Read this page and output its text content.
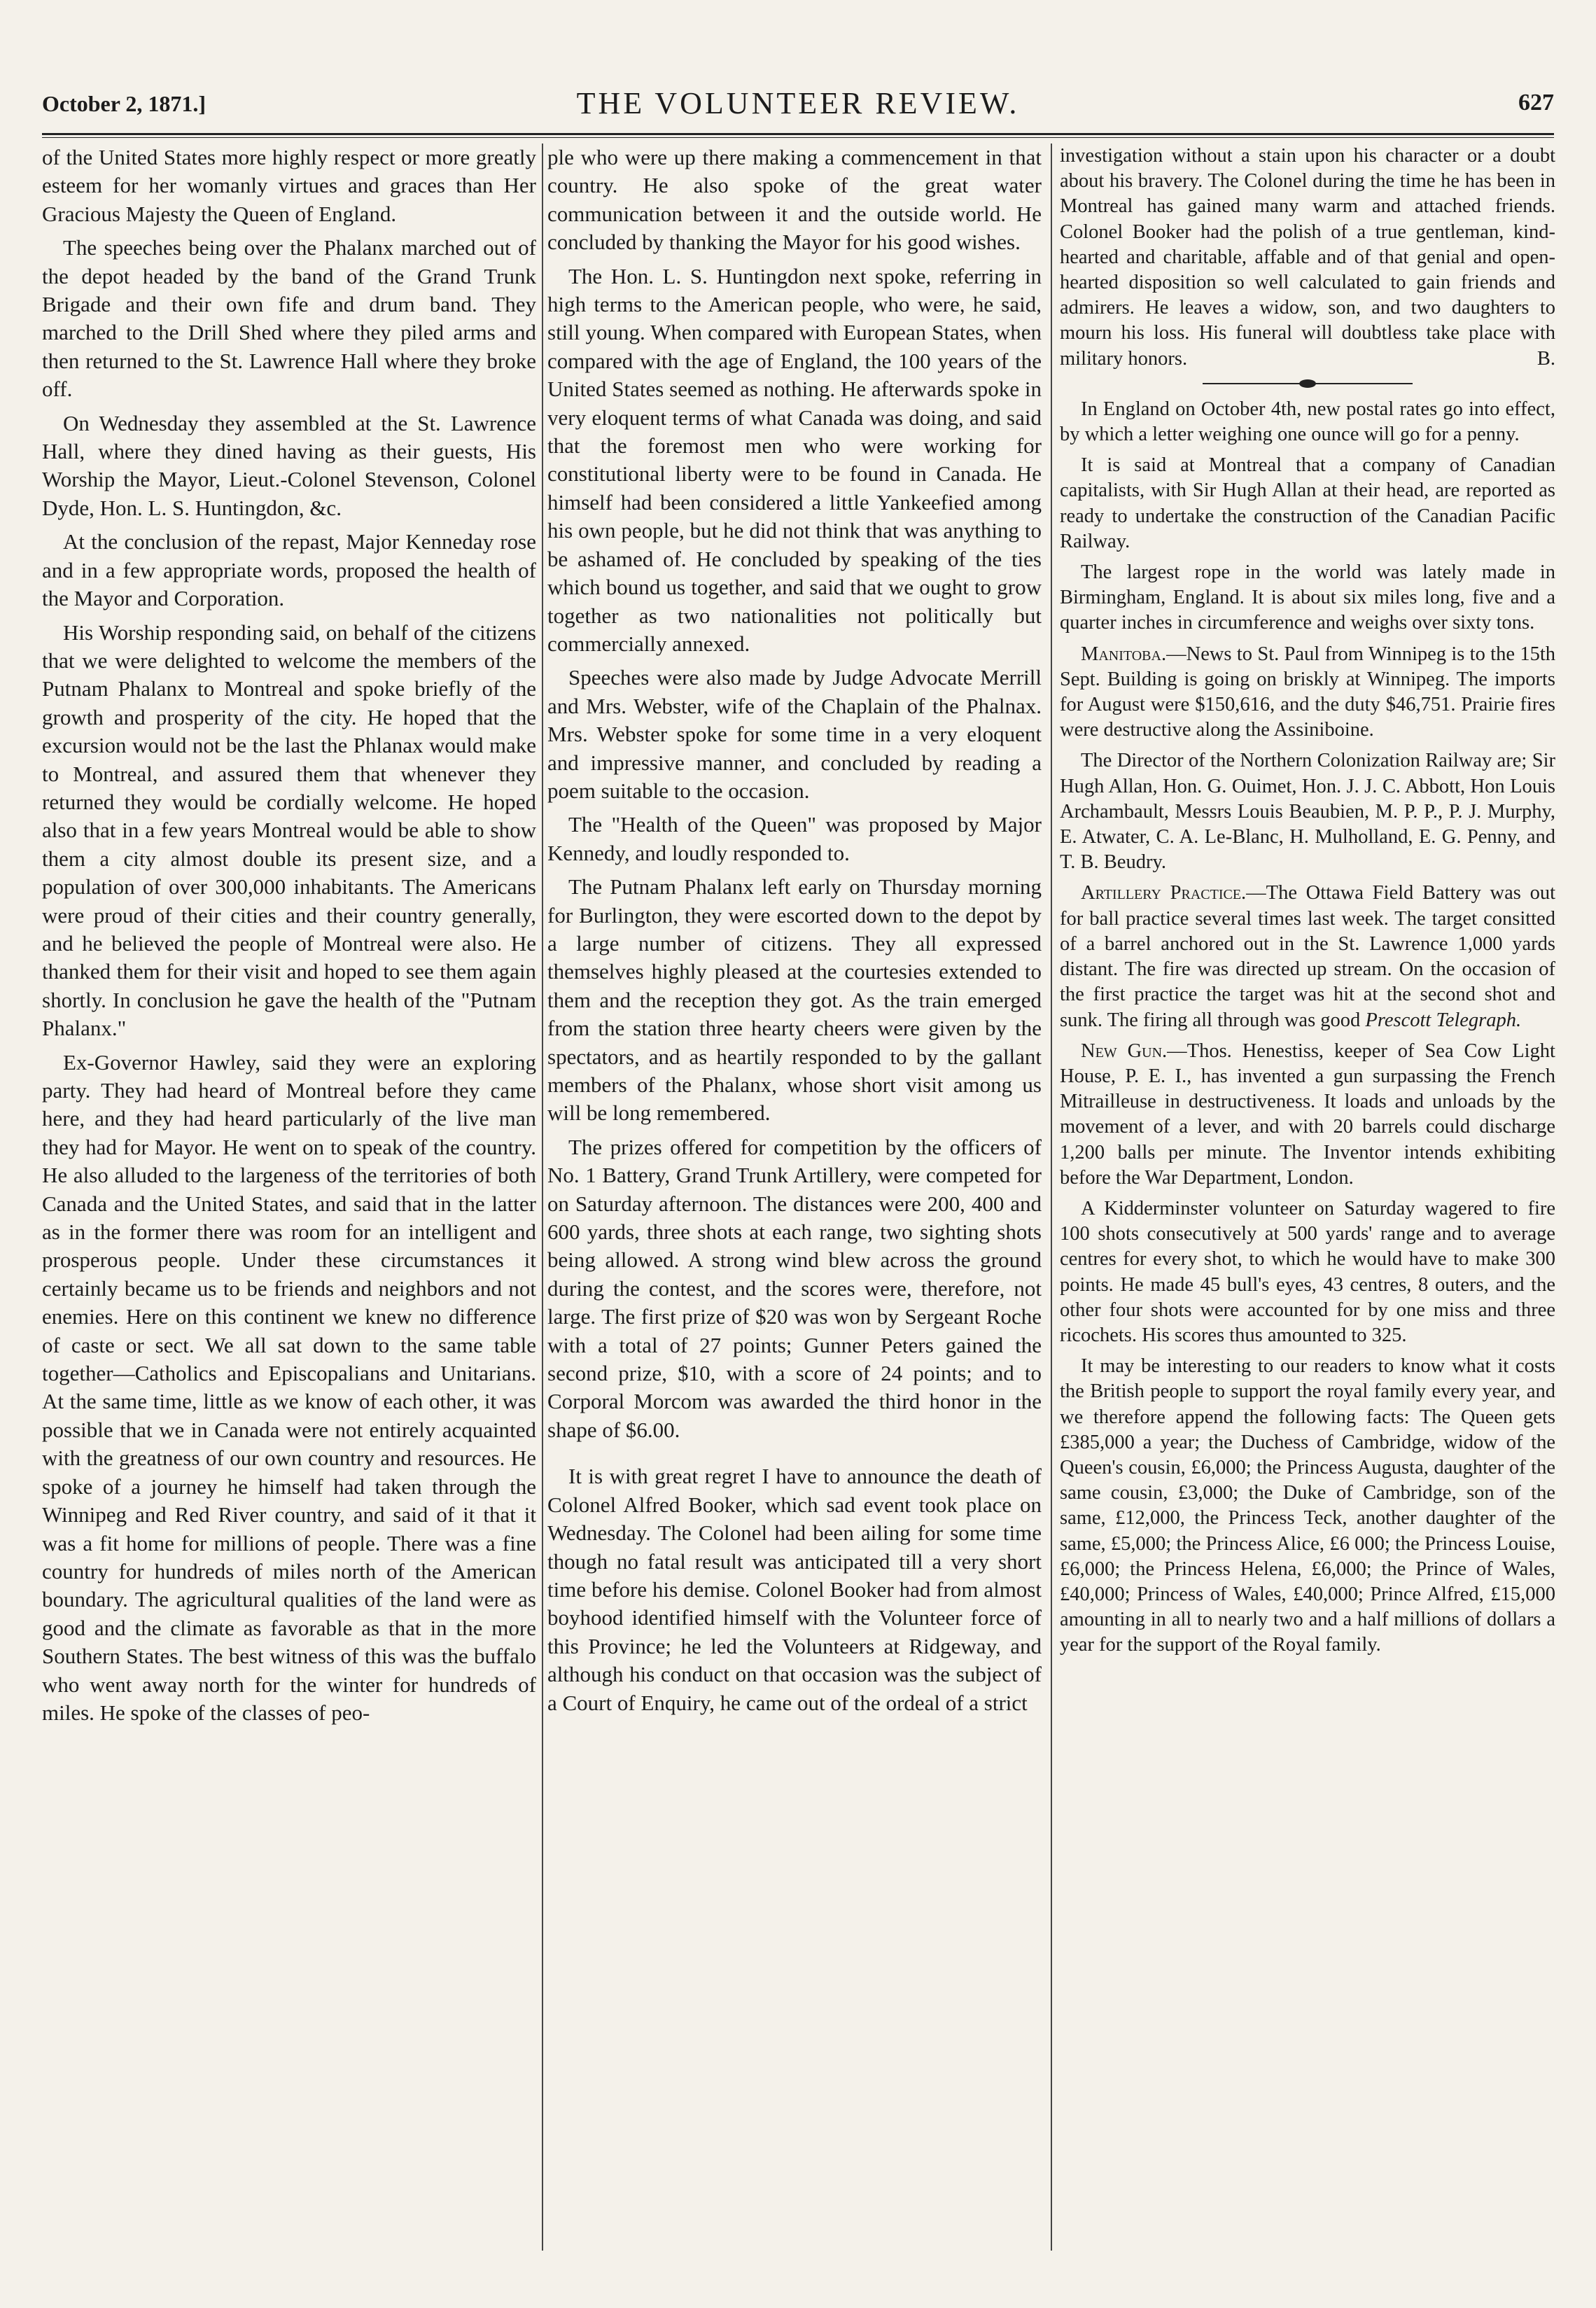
October 2, 1871.]	THE VOLUNTEER REVIEW.	627

of the United States more highly respect or more greatly esteem for her womanly virtues and graces than Her Gracious Majesty the Queen of England.

The speeches being over the Phalanx marched out of the depot headed by the band of the Grand Trunk Brigade and their own fife and drum band. They marched to the Drill Shed where they piled arms and then returned to the St. Lawrence Hall where they broke off.

On Wednesday they assembled at the St. Lawrence Hall, where they dined having as their guests, His Worship the Mayor, Lieut.-Colonel Stevenson, Colonel Dyde, Hon. L. S. Huntingdon, &c.

At the conclusion of the repast, Major Kenneday rose and in a few appropriate words, proposed the health of the Mayor and Corporation.

His Worship responding said, on behalf of the citizens that we were delighted to welcome the members of the Putnam Phalanx to Montreal and spoke briefly of the growth and prosperity of the city. He hoped that the excursion would not be the last the Phlanax would make to Montreal, and assured them that whenever they returned they would be cordially welcome. He hoped also that in a few years Montreal would be able to show them a city almost double its present size, and a population of over 300,000 inhabitants. The Americans were proud of their cities and their country generally, and he believed the people of Montreal were also. He thanked them for their visit and hoped to see them again shortly. In conclusion he gave the health of the "Putnam Phalanx."

Ex-Governor Hawley, said they were an exploring party. They had heard of Montreal before they came here, and they had heard particularly of the live man they had for Mayor. He went on to speak of the country. He also alluded to the largeness of the territories of both Canada and the United States, and said that in the latter as in the former there was room for an intelligent and prosperous people. Under these circumstances it certainly became us to be friends and neighbors and not enemies. Here on this continent we knew no difference of caste or sect. We all sat down to the same table together—Catholics and Episcopalians and Unitarians. At the same time, little as we know of each other, it was possible that we in Canada were not entirely acquainted with the greatness of our own country and resources. He spoke of a journey he himself had taken through the Winnipeg and Red River country, and said of it that it was a fit home for millions of people. There was a fine country for hundreds of miles north of the American boundary. The agricultural qualities of the land were as good and the climate as favorable as that in the more Southern States. The best witness of this was the buffalo who went away north for the winter for hundreds of miles. He spoke of the classes of peo-

ple who were up there making a commencement in that country. He also spoke of the great water communication between it and the outside world. He concluded by thanking the Mayor for his good wishes.

The Hon. L. S. Huntingdon next spoke, referring in high terms to the American people, who were, he said, still young. When compared with European States, when compared with the age of England, the 100 years of the United States seemed as nothing. He afterwards spoke in very eloquent terms of what Canada was doing, and said that the foremost men who were working for constitutional liberty were to be found in Canada. He himself had been considered a little Yankeefied among his own people, but he did not think that was anything to be ashamed of. He concluded by speaking of the ties which bound us together, and said that we ought to grow together as two nationalities not politically but commercially annexed.

Speeches were also made by Judge Advocate Merrill and Mrs. Webster, wife of the Chaplain of the Phalnax. Mrs. Webster spoke for some time in a very eloquent and impressive manner, and concluded by reading a poem suitable to the occasion.

The "Health of the Queen" was proposed by Major Kennedy, and loudly responded to.

The Putnam Phalanx left early on Thursday morning for Burlington, they were escorted down to the depot by a large number of citizens. They all expressed themselves highly pleased at the courtesies extended to them and the reception they got. As the train emerged from the station three hearty cheers were given by the spectators, and as heartily responded to by the gallant members of the Phalanx, whose short visit among us will be long remembered.

The prizes offered for competition by the officers of No. 1 Battery, Grand Trunk Artillery, were competed for on Saturday afternoon. The distances were 200, 400 and 600 yards, three shots at each range, two sighting shots being allowed. A strong wind blew across the ground during the contest, and the scores were, therefore, not large. The first prize of $20 was won by Sergeant Roche with a total of 27 points; Gunner Peters gained the second prize, $10, with a score of 24 points; and to Corporal Morcom was awarded the third honor in the shape of $6.00.

It is with great regret I have to announce the death of Colonel Alfred Booker, which sad event took place on Wednesday. The Colonel had been ailing for some time though no fatal result was anticipated till a very short time before his demise. Colonel Booker had from almost boyhood identified himself with the Volunteer force of this Province; he led the Volunteers at Ridgeway, and although his conduct on that occasion was the subject of a Court of Enquiry, he came out of the ordeal of a strict

investigation without a stain upon his character or a doubt about his bravery. The Colonel during the time he has been in Montreal has gained many warm and attached friends. Colonel Booker had the polish of a true gentleman, kind-hearted and charitable, affable and of that genial and open-hearted disposition so well calculated to gain friends and admirers. He leaves a widow, son, and two daughters to mourn his loss. His funeral will doubtless take place with military honors.	B.

In England on October 4th, new postal rates go into effect, by which a letter weighing one ounce will go for a penny.

It is said at Montreal that a company of Canadian capitalists, with Sir Hugh Allan at their head, are reported as ready to undertake the construction of the Canadian Pacific Railway.

The largest rope in the world was lately made in Birmingham, England. It is about six miles long, five and a quarter inches in circumference and weighs over sixty tons.

Manitoba.—News to St. Paul from Winnipeg is to the 15th Sept. Building is going on briskly at Winnipeg. The imports for August were $150,616, and the duty $46,751. Prairie fires were destructive along the Assiniboine.

The Director of the Northern Colonization Railway are; Sir Hugh Allan, Hon. G. Ouimet, Hon. J. J. C. Abbott, Hon Louis Archambault, Messrs Louis Beaubien, M. P. P., P. J. Murphy, E. Atwater, C. A. Le-Blanc, H. Mulholland, E. G. Penny, and T. B. Beudry.

Artillery Practice.—The Ottawa Field Battery was out for ball practice several times last week. The target consitted of a barrel anchored out in the St. Lawrence 1,000 yards distant. The fire was directed up stream. On the occasion of the first practice the target was hit at the second shot and sunk. The firing all through was good Prescott Telegraph.

New Gun.—Thos. Henestiss, keeper of Sea Cow Light House, P. E. I., has invented a gun surpassing the French Mitrailleuse in destructiveness. It loads and unloads by the movement of a lever, and with 20 barrels could discharge 1,200 balls per minute. The Inventor intends exhibiting before the War Department, London.

A Kidderminster volunteer on Saturday wagered to fire 100 shots consecutively at 500 yards' range and to average centres for every shot, to which he would have to make 300 points. He made 45 bull's eyes, 43 centres, 8 outers, and the other four shots were accounted for by one miss and three ricochets. His scores thus amounted to 325.

It may be interesting to our readers to know what it costs the British people to support the royal family every year, and we therefore append the following facts: The Queen gets £385,000 a year; the Duchess of Cambridge, widow of the Queen's cousin, £6,000; the Princess Augusta, daughter of the same cousin, £3,000; the Duke of Cambridge, son of the same, £12,000, the Princess Teck, another daughter of the same, £5,000; the Princess Alice, £6 000; the Princess Louise, £6,000; the Princess Helena, £6,000; the Prince of Wales, £40,000; Princess of Wales, £40,000; Prince Alfred, £15,000 amounting in all to nearly two and a half millions of dollars a year for the support of the Royal family.
